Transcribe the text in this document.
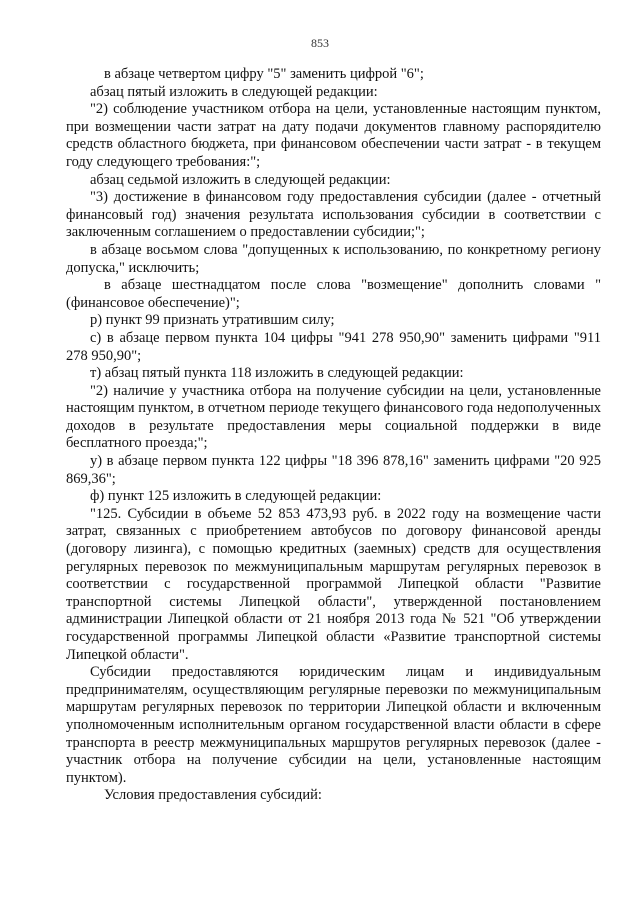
853

в абзаце четвертом цифру "5" заменить цифрой "6";

абзац пятый изложить в следующей редакции:

"2) соблюдение участником отбора на цели, установленные настоящим пунктом, при возмещении части затрат на дату подачи документов главному распорядителю средств областного бюджета, при финансовом обеспечении части затрат - в текущем году следующего требования:";

абзац седьмой изложить в следующей редакции:

"3) достижение в финансовом году предоставления субсидии (далее - отчетный финансовый год) значения результата использования субсидии в соответствии с заключенным соглашением о предоставлении субсидии;";

в абзаце восьмом слова "допущенных к использованию, по конкретному региону допуска," исключить;

в абзаце шестнадцатом после слова "возмещение" дополнить словами "(финансовое обеспечение)";

р) пункт 99 признать утратившим силу;

с) в абзаце первом пункта 104 цифры "941 278 950,90" заменить цифрами "911 278 950,90";

т) абзац пятый пункта 118 изложить в следующей редакции:

"2) наличие у участника отбора на получение субсидии на цели, установленные настоящим пунктом, в отчетном периоде текущего финансового года недополученных доходов в результате предоставления меры социальной поддержки в виде бесплатного проезда;";

у) в абзаце первом пункта 122 цифры "18 396 878,16" заменить цифрами "20 925 869,36";

ф) пункт 125 изложить в следующей редакции:

"125. Субсидии в объеме 52 853 473,93 руб. в 2022 году на возмещение части затрат, связанных с приобретением автобусов по договору финансовой аренды (договору лизинга), с помощью кредитных (заемных) средств для осуществления регулярных перевозок по межмуниципальным маршрутам регулярных перевозок в соответствии с государственной программой Липецкой области "Развитие транспортной системы Липецкой области", утвержденной постановлением администрации Липецкой области от 21 ноября 2013 года № 521 "Об утверждении государственной программы Липецкой области «Развитие транспортной системы Липецкой области".

Субсидии предоставляются юридическим лицам и индивидуальным предпринимателям, осуществляющим регулярные перевозки по межмуниципальным маршрутам регулярных перевозок по территории Липецкой области и включенным уполномоченным исполнительным органом государственной власти области в сфере транспорта в реестр межмуниципальных маршрутов регулярных перевозок (далее - участник отбора на получение субсидии на цели, установленные настоящим пунктом).

Условия предоставления субсидий:
